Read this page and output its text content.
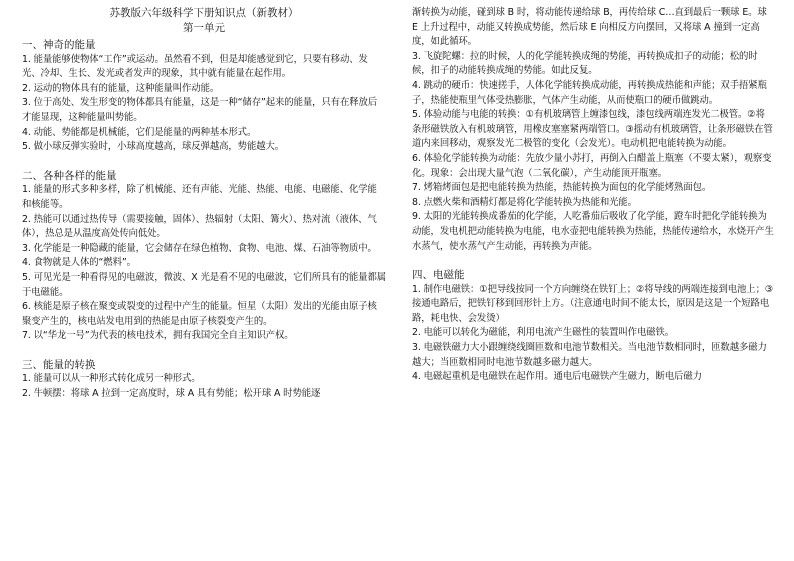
苏教版六年级科学下册知识点（新教材）

第一单元

一、神奇的能量

1. 能量能够使物体“工作”或运动。虽然看不到，但是却能感觉到它，只要有移动、发光、冷却、生长、发光或者发声的现象，其中就有能量在起作用。

2. 运动的物体具有的能量，这种能量叫作动能。

3. 位于高处、发生形变的物体都具有能量，这是一种“储存”起来的能量，只有在释放后才能显现，这种能量叫势能。

4. 动能、势能都是机械能，它们是能量的两种基本形式。

5. 做小球反弹实验时，小球高度越高，球反弹越高，势能越大。

二、各种各样的能量

1. 能量的形式多种多样，除了机械能、还有声能、光能、热能、电能、电磁能、化学能和核能等。

2. 热能可以通过热传导（需要接触，固体）、热辐射（太阳、篝火）、热对流（液体、气体），热总是从温度高处传向低处。

3. 化学能是一种隐藏的能量，它会储存在绿色植物、食物、电池、煤、石油等物质中。

4. 食物就是人体的“燃料”。

5. 可见光是一种看得见的电磁波，微波、X 光是看不见的电磁波，它们所具有的能量都属于电磁能。

6. 核能是原子核在聚变或裂变的过程中产生的能量。恒星（太阳）发出的光能由原子核聚变产生的，核电站发电用到的热能是由原子核裂变产生的。

7. 以“华龙一号”为代表的核电技术，拥有我国完全自主知识产权。

三、能量的转换

1. 能量可以从一种形式转化成另一种形式。

2. 牛顿摆：将球 A 拉到一定高度时，球 A 具有势能；松开球 A 时势能逐

渐转换为动能，碰到球 B 时，将动能传递给球 B，再传给球 C…直到最后一颗球 E。球 E 上升过程中，动能又转换成势能，然后球 E 向相反方向摆回，又将球 A 撞到一定高度，如此循环。

3. 飞旋陀螺：拉的时候，人的化学能转换成绳的势能，再转换成扣子的动能；松的时候，扣子的动能转换成绳的势能。如此反复。

4. 跳动的硬币：快速搓手，人体化学能转换成动能，再转换成热能和声能；双手捂紧瓶子，热能使瓶里气体受热膨胀，气体产生动能，从而使瓶口的硬币做跳动。

5. 体验动能与电能的转换：①有机玻璃管上缠漆包线，漆包线两端连发光二极管。②将条形磁铁放入有机玻璃管，用橡皮塞塞紧两端管口。③摇动有机玻璃管，让条形磁铁在管道内来回移动，观察发光二极管的变化（会发光）。电动机把电能转换为动能。

6. 体验化学能转换为动能：先放少量小苏打，再倒入白醋盖上瓶塞（不要太紧），观察变化。现象：会出现大量气泡（二氧化碳），产生动能顶开瓶塞。

7. 烤箱烤面包是把电能转换为热能，热能转换为面包的化学能烤熟面包。

8. 点燃火柴和酒精灯都是将化学能转换为热能和光能。

9. 太阳的光能转换成番茄的化学能，人吃番茄后吸收了化学能，蹬车时把化学能转换为动能，发电机把动能转换为电能，电水壶把电能转换为热能，热能传递给水，水烧开产生水蒸气，使水蒸气产生动能，再转换为声能。

四、电磁能

1. 制作电磁铁：①把导线按同一个方向缠绕在铁钉上；②将导线的两端连接到电池上；③接通电路后，把铁钉移到回形针上方。（注意通电时间不能太长，原因是这是一个短路电路，耗电快、会发烫）

2. 电能可以转化为磁能，利用电流产生磁性的装置叫作电磁铁。

3. 电磁铁磁力大小跟缠绕线圈匝数和电池节数相关。当电池节数相同时，匝数越多磁力越大；当匝数相同时电池节数越多磁力越大。

4. 电磁起重机是电磁铁在起作用。通电后电磁铁产生磁力，断电后磁力
